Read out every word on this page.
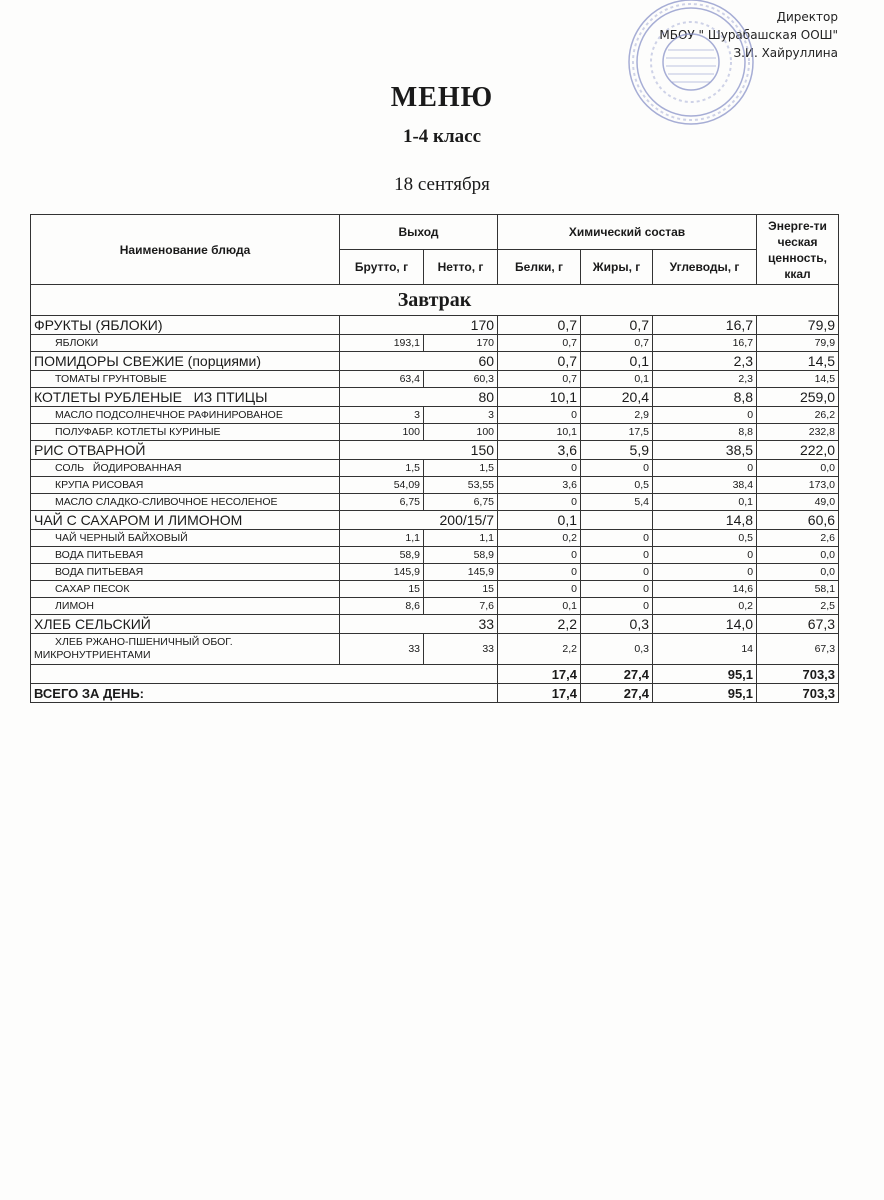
Директор
МБОУ " Шурабашская ООШ"
З.И. Хайруллина
МЕНЮ
1-4 класс
18 сентября
Наименование блюда	Выход		Химический состав			Энерге-ти ческая ценность, ккал
	Брутто, г	Нетто, г	Белки, г	Жиры, г	Углеводы, г	
Завтрак						
ФРУКТЫ (ЯБЛОКИ)	170		0,7	0,7	16,7	79,9
ЯБЛОКИ	193,1	170	0,7	0,7	16,7	79,9
ПОМИДОРЫ СВЕЖИЕ (порциями)	60		0,7	0,1	2,3	14,5
ТОМАТЫ ГРУНТОВЫЕ	63,4	60,3	0,7	0,1	2,3	14,5
КОТЛЕТЫ РУБЛЕНЫЕ   ИЗ ПТИЦЫ	80		10,1	20,4	8,8	259,0
МАСЛО ПОДСОЛНЕЧНОЕ РАФИНИРОВАНОЕ	3	3	0	2,9	0	26,2
ПОЛУФАБР. КОТЛЕТЫ КУРИНЫЕ	100	100	10,1	17,5	8,8	232,8
РИС ОТВАРНОЙ	150		3,6	5,9	38,5	222,0
СОЛЬ   ЙОДИРОВАННАЯ	1,5	1,5	0	0	0	0,0
КРУПА РИСОВАЯ	54,09	53,55	3,6	0,5	38,4	173,0
МАСЛО СЛАДКО-СЛИВОЧНОЕ НЕСОЛЕНОЕ	6,75	6,75	0	5,4	0,1	49,0
ЧАЙ С САХАРОМ И ЛИМОНОМ	200/15/7		0,1		14,8	60,6
ЧАЙ ЧЕРНЫЙ БАЙХОВЫЙ	1,1	1,1	0,2	0	0,5	2,6
ВОДА ПИТЬЕВАЯ	58,9	58,9	0	0	0	0,0
ВОДА ПИТЬЕВАЯ	145,9	145,9	0	0	0	0,0
САХАР ПЕСОК	15	15	0	0	14,6	58,1
ЛИМОН	8,6	7,6	0,1	0	0,2	2,5
ХЛЕБ СЕЛЬСКИЙ	33		2,2	0,3	14,0	67,3
ХЛЕБ РЖАНО-ПШЕНИЧНЫЙ ОБОГ. МИКРОНУТРИЕНТАМИ	33	33	2,2	0,3	14	67,3
			17,4	27,4	95,1	703,3
ВСЕГО ЗА ДЕНЬ:			17,4	27,4	95,1	703,3
